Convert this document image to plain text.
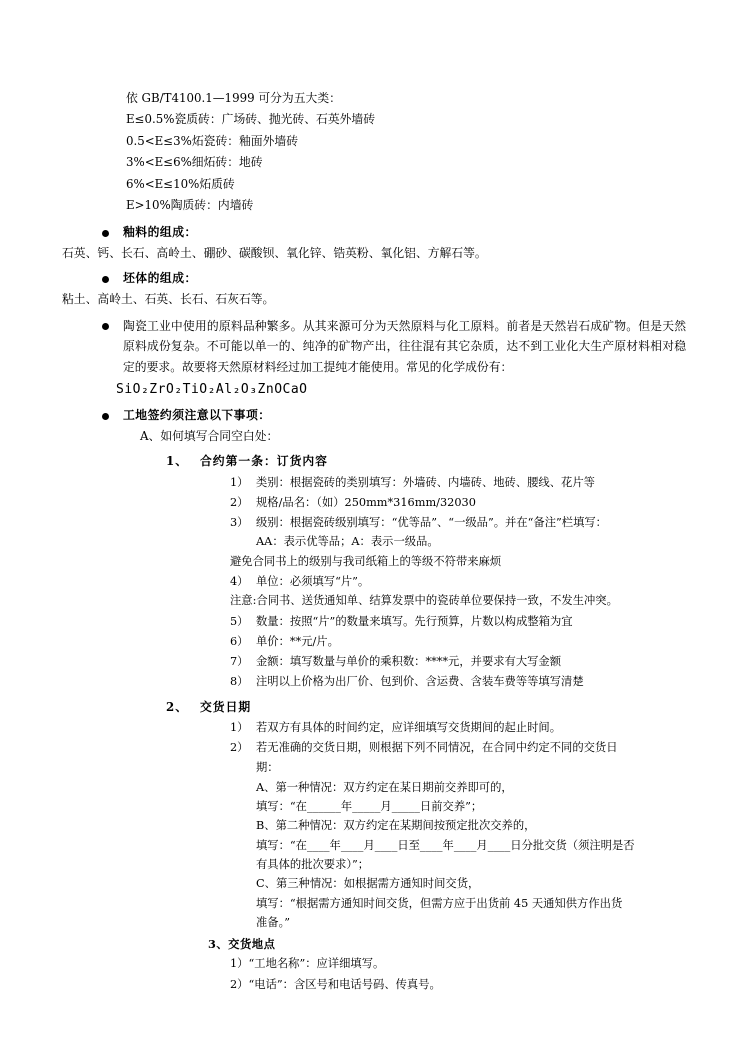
依 GB/T4100.1—1999 可分为五大类：
E≤0.5%瓷质砖：广场砖、抛光砖、石英外墙砖
0.5<E≤3%炻瓷砖：釉面外墙砖
3%<E≤6%细炻砖：地砖
6%<E≤10%炻质砖
E>10%陶质砖：内墙砖
釉料的组成：
石英、钙、长石、高岭土、硼砂、碳酸钡、氧化锌、锆英粉、氧化铝、方解石等。
坯体的组成：
粘土、高岭土、石英、长石、石灰石等。
陶瓷工业中使用的原料品种繁多。从其来源可分为天然原料与化工原料。前者是天然岩石成矿物。但是天然原料成份复杂。不可能以单一的、纯净的矿物产出，往往混有其它杂质，达不到工业化大生产原材料相对稳定的要求。故要将天然原材料经过加工提纯才能使用。常见的化学成份有：
SiO₂ZrO₂TiO₂Al₂O₃ZnOCaO
工地签约须注意以下事项：
A、如何填写合同空白处：
1、 合约第一条：订货内容
1） 类别：根据瓷砖的类别填写：外墙砖、内墙砖、地砖、腰线、花片等
2） 规格/品名：（如）250mm*316mm/32030
3） 级别：根据瓷砖级别填写：“优等品”、“一级品”。并在“备注”栏填写：
AA：表示优等品；A：表示一级品。
避免合同书上的级别与我司纸箱上的等级不符带来麻烦
4） 单位：必须填写“片”。
注意:合同书、送货通知单、结算发票中的瓷砖单位要保持一致，不发生冲突。
5） 数量：按照“片”的数量来填写。先行预算，片数以构成整箱为宜
6） 单价：**元/片。
7） 金额：填写数量与单价的乘积数：****元，并要求有大写金额
8） 注明以上价格为出厂价、包到价、含运费、含装车费等等填写清楚
2、 交货日期
1） 若双方有具体的时间约定，应详细填写交货期间的起止时间。
2） 若无准确的交货日期，则根据下列不同情况，在合同中约定不同的交货日
期：
A、第一种情况：双方约定在某日期前交养即可的，
填写：“在______年_____月_____日前交养”；
B、第二种情况：双方约定在某期间按预定批次交养的，
填写：“在____年____月____日至____年____月____日分批交货（须注明是否
有具体的批次要求）”；
C、第三种情况：如根据需方通知时间交货，
填写：“根据需方通知时间交货，但需方应于出货前 45 天通知供方作出货
准备。”
3、交货地点
1）“工地名称”：应详细填写。
2）“电话”：含区号和电话号码、传真号。
